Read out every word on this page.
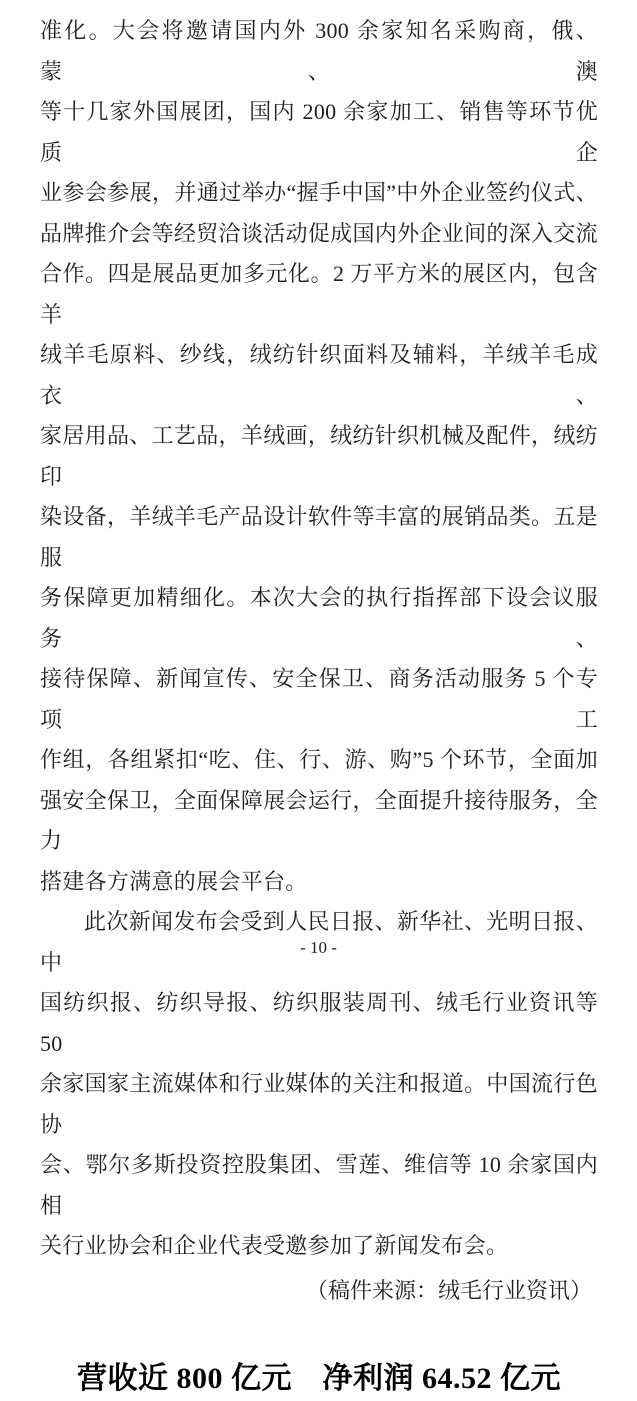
准化。大会将邀请国内外 300 余家知名采购商，俄、蒙、澳
等十几家外国展团，国内 200 余家加工、销售等环节优质企
业参会参展，并通过举办“握手中国”中外企业签约仪式、
品牌推介会等经贸洽谈活动促成国内外企业间的深入交流
合作。四是展品更加多元化。2 万平方米的展区内，包含羊
绒羊毛原料、纱线，绒纺针织面料及辅料，羊绒羊毛成衣、
家居用品、工艺品，羊绒画，绒纺针织机械及配件，绒纺印
染设备，羊绒羊毛产品设计软件等丰富的展销品类。五是服
务保障更加精细化。本次大会的执行指挥部下设会议服务、
接待保障、新闻宣传、安全保卫、商务活动服务 5 个专项工
作组，各组紧扣“吃、住、行、游、购”5 个环节，全面加
强安全保卫，全面保障展会运行，全面提升接待服务，全力
搭建各方满意的展会平台。
此次新闻发布会受到人民日报、新华社、光明日报、中
国纺织报、纺织导报、纺织服装周刊、绒毛行业资讯等 50
余家国家主流媒体和行业媒体的关注和报道。中国流行色协
会、鄂尔多斯投资控股集团、雪莲、维信等 10 余家国内相
关行业协会和企业代表受邀参加了新闻发布会。
（稿件来源：绒毛行业资讯）
营收近 800 亿元　净利润 64.52 亿元
- 10 -
